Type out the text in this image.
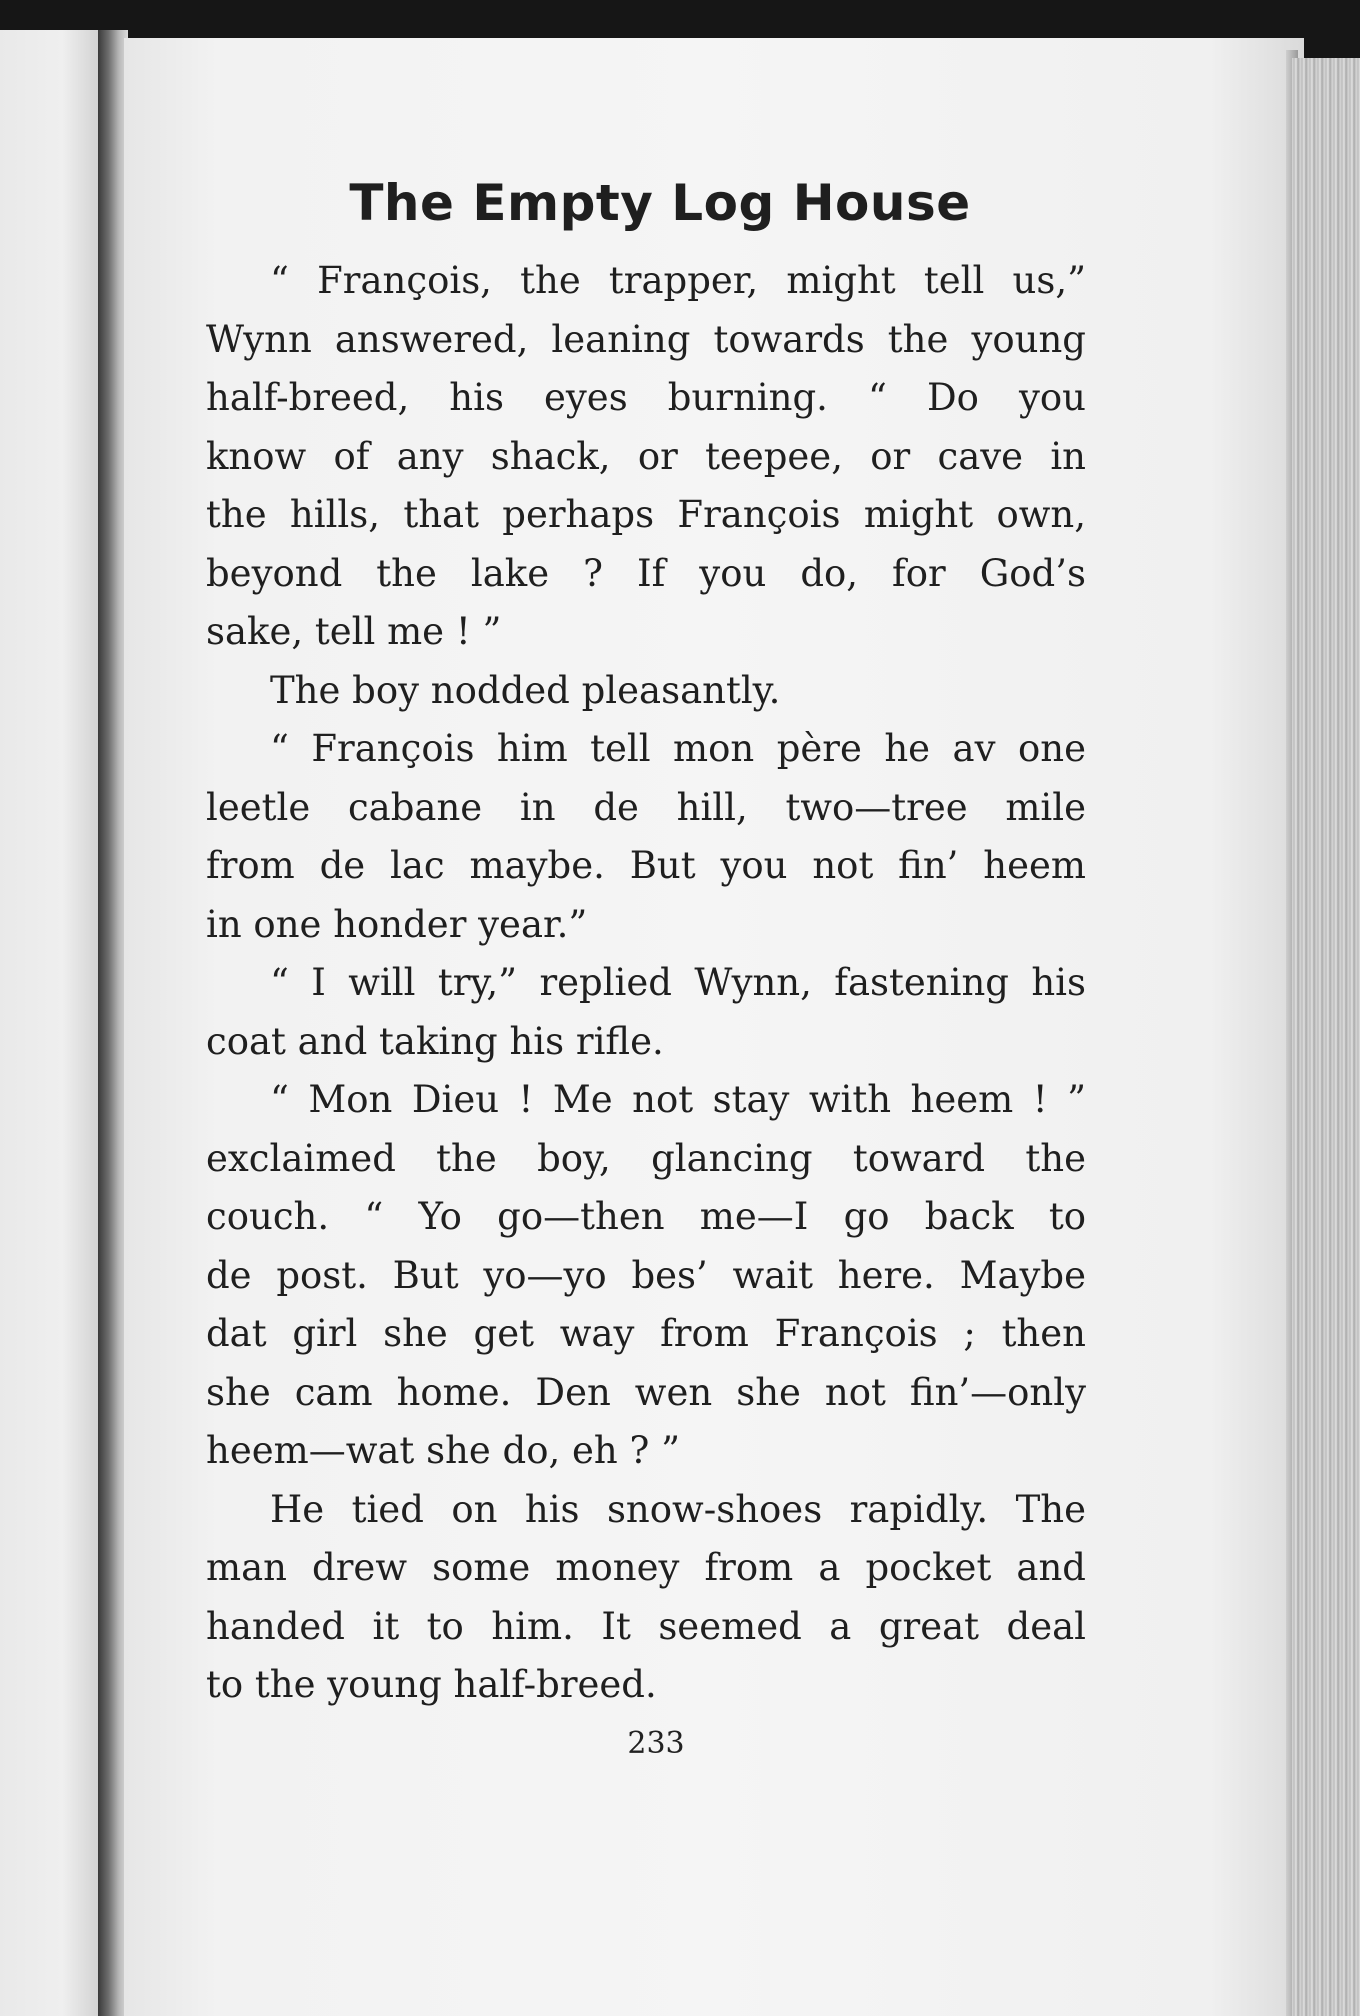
The Empty Log House

“ François, the trapper, might tell us,”
Wynn answered, leaning towards the young
half-breed, his eyes burning. “ Do you
know of any shack, or teepee, or cave in
the hills, that perhaps François might own,
beyond the lake ? If you do, for God’s
sake, tell me ! ”

The boy nodded pleasantly.

“ François him tell mon père he av one
leetle cabane in de hill, two—tree mile
from de lac maybe. But you not fin’ heem
in one honder year.”

“ I will try,” replied Wynn, fastening his
coat and taking his rifle.

“ Mon Dieu ! Me not stay with heem ! ”
exclaimed the boy, glancing toward the
couch. “ Yo go—then me—I go back to
de post. But yo—yo bes’ wait here. Maybe
dat girl she get way from François ; then
she cam home. Den wen she not fin’—only
heem—wat she do, eh ? ”

He tied on his snow-shoes rapidly. The
man drew some money from a pocket and
handed it to him. It seemed a great deal
to the young half-breed.

233
